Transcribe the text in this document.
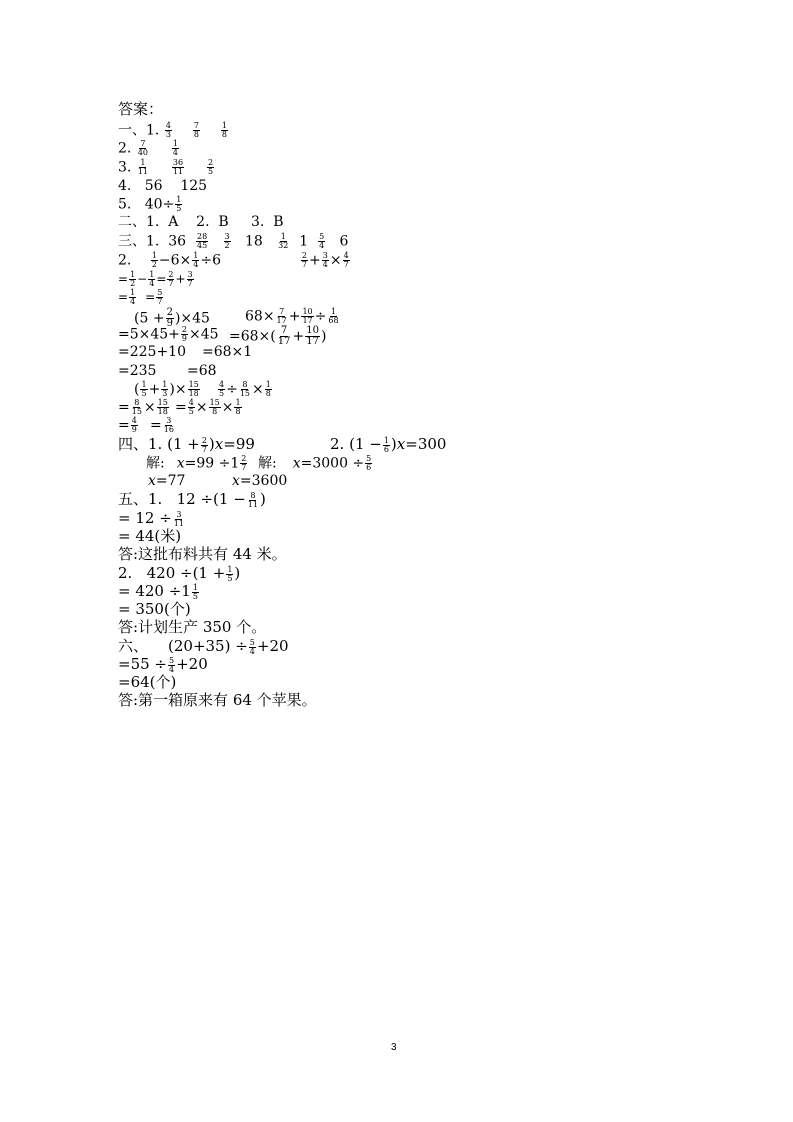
答案：
一、1. $\frac{4}{3}$
	$\frac{7}{8}$
	$\frac{1}{8}$
2. $\frac{7}{40}$
	$\frac{1}{4}$
3. $\frac{1}{11}$
	$\frac{36}{11}$
	$\frac{2}{5}$
4.   56    125
5.   $40\div \frac{1}{5}$
二、1.  A    2.  B     3.  B
三、1.  $36 \frac{28}{45}$
$\frac{3}{2} 18 \frac{1}{32} 1 \frac{5}{4} 6$
2. $\frac{1}{2} -6\times \frac{1}{4} \div 6$	$\frac{2}{7} + \frac{3}{4} \times \frac{4}{7}$
= $\frac{1}{2} - \frac{1}{4} = \frac{2}{7} + \frac{3}{7}$
= $\frac{1}{4} = \frac{5}{7}$
$(5 + \frac{2}{9} )\times 45$	$68\times \frac{7}{17} + \frac{10}{17} \div \frac{1}{68}$
$=5\times 45+ \frac{2}{9} \times 45 =68\times( \frac{7}{17} + \frac{10}{17}$ )
=225+10 =68×1
=235 =68
( $\frac{1}{5} + \frac{1}{3}$ )× $\frac{15}{18} \frac{4}{5} \div \frac{8}{15} \times \frac{1}{8}$
= $\frac{8}{15} \times \frac{15}{18} = \frac{4}{5} \times \frac{15}{8} \times \frac{1}{8}$
= $\frac{4}{9} = \frac{3}{16}$
四、1. $(1 + \frac{2}{7} )x=99$	2. $(1 - \frac{1}{6} )x=300$
解: $x=99 \div 1 \frac{2}{7}$ 解: $x=3000 \div \frac{5}{6}$
x=77	x=3600
五、1.   $12 \div(1 - \frac{8}{11}$ )
= $12 \div \frac{3}{11}$
= 44(米)
答:这批布料共有 44 米。
2.   $420 \div(1 + \frac{1}{5}$ )
= $420 \div 1 \frac{1}{5}$
= 350(个)
答:计划生产 350 个。
六、 $(20+35) \div \frac{5}{4} +20$
$=55 \div \frac{5}{4} +20$
=64(个)
答:第一箱原来有 64 个苹果。
3
